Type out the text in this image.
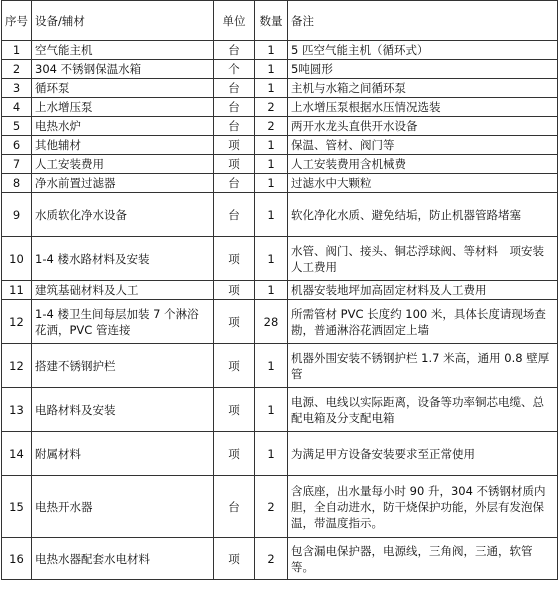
序号	设备/辅材	单位	数量	备注
1	空气能主机	台	1	5 匹空气能主机（循环式）
2	304 不锈钢保温水箱	个	1	5吨圆形
3	循环泵	台	1	主机与水箱之间循环泵
4	上水增压泵	台	2	上水增压泵根据水压情况选装
5	电热水炉	台	2	两开水龙头直供开水设备
6	其他辅材	项	1	保温、管材、阀门等
7	人工安装费用	项	1	人工安装费用含机械费
8	净水前置过滤器	台	1	过滤水中大颗粒
9	水质软化净水设备	台	1	软化净化水质、避免结垢，防止机器管路堵塞
10	1-4 楼水路材料及安装	项	1	水管、阀门、接头、铜芯浮球阀、等材料　项安装人工费用
11	建筑基础材料及人工	项	1	机器安装地坪加高固定材料及人工费用
12	1-4 楼卫生间每层加装 7 个淋浴花洒，PVC 管连接	项	28	所需管材 PVC 长度约 100 米，具体长度请现场查勘，普通淋浴花洒固定上墙
12	搭建不锈钢护栏	项	1	机器外围安装不锈钢护栏 1.7 米高，通用 0.8 壁厚管
13	电路材料及安装	项	1	电源、电线以实际距离，设备等功率铜芯电缆、总配电箱及分支配电箱
14	附属材料	项	1	为满足甲方设备安装要求至正常使用
15	电热开水器	台	2	含底座，出水量每小时 90 升，304 不锈钢材质内胆，全自动进水，防干烧保护功能，外层有发泡保温，带温度指示。
16	电热水器配套水电材料	项	2	包含漏电保护器，电源线，三角阀，三通，软管等。
